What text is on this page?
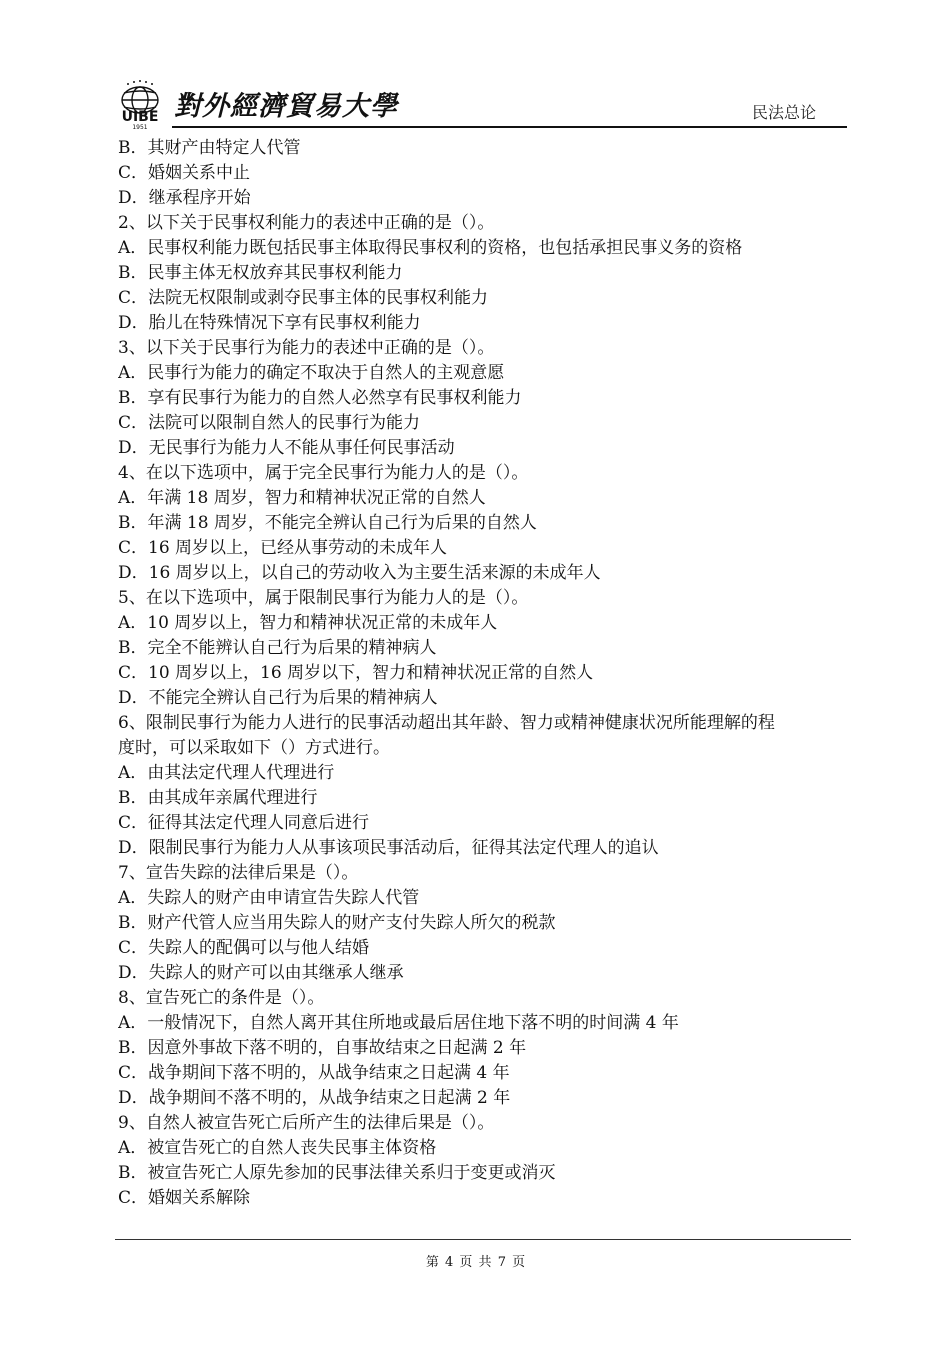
UIBE
1951
對外經濟貿易大學	民法总论
B．其财产由特定人代管
C．婚姻关系中止
D．继承程序开始
2、以下关于民事权利能力的表述中正确的是（）。
A．民事权利能力既包括民事主体取得民事权利的资格，也包括承担民事义务的资格
B．民事主体无权放弃其民事权利能力
C．法院无权限制或剥夺民事主体的民事权利能力
D．胎儿在特殊情况下享有民事权利能力
3、以下关于民事行为能力的表述中正确的是（）。
A．民事行为能力的确定不取决于自然人的主观意愿
B．享有民事行为能力的自然人必然享有民事权利能力
C．法院可以限制自然人的民事行为能力
D．无民事行为能力人不能从事任何民事活动
4、在以下选项中，属于完全民事行为能力人的是（）。
A．年满 18 周岁，智力和精神状况正常的自然人
B．年满 18 周岁，不能完全辨认自己行为后果的自然人
C．16 周岁以上，已经从事劳动的未成年人
D．16 周岁以上，以自己的劳动收入为主要生活来源的未成年人
5、在以下选项中，属于限制民事行为能力人的是（）。
A．10 周岁以上，智力和精神状况正常的未成年人
B．完全不能辨认自己行为后果的精神病人
C．10 周岁以上，16 周岁以下，智力和精神状况正常的自然人
D．不能完全辨认自己行为后果的精神病人
6、限制民事行为能力人进行的民事活动超出其年龄、智力或精神健康状况所能理解的程
度时，可以采取如下（）方式进行。
A．由其法定代理人代理进行
B．由其成年亲属代理进行
C．征得其法定代理人同意后进行
D．限制民事行为能力人从事该项民事活动后，征得其法定代理人的追认
7、宣告失踪的法律后果是（）。
A．失踪人的财产由申请宣告失踪人代管
B．财产代管人应当用失踪人的财产支付失踪人所欠的税款
C．失踪人的配偶可以与他人结婚
D．失踪人的财产可以由其继承人继承
8、宣告死亡的条件是（）。
A．一般情况下，自然人离开其住所地或最后居住地下落不明的时间满 4 年
B．因意外事故下落不明的，自事故结束之日起满 2 年
C．战争期间下落不明的，从战争结束之日起满 4 年
D．战争期间不落不明的，从战争结束之日起满 2 年
9、自然人被宣告死亡后所产生的法律后果是（）。
A．被宣告死亡的自然人丧失民事主体资格
B．被宣告死亡人原先参加的民事法律关系归于变更或消灭
C．婚姻关系解除
第 4 页 共 7 页
